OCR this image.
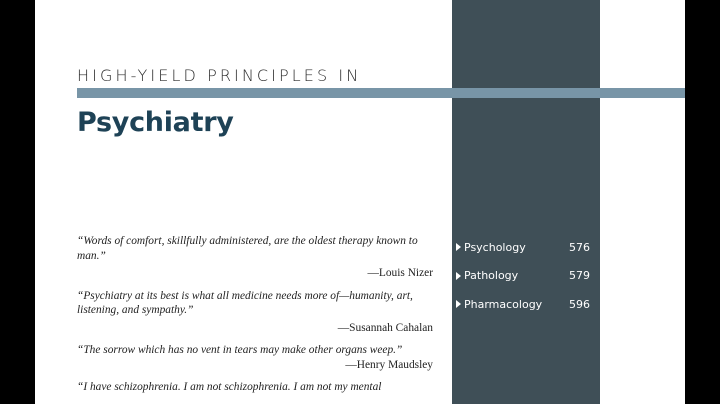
HIGH-YIELD PRINCIPLES IN
Psychiatry
“Words of comfort, skillfully administered, are the oldest therapy known to man.”
—Louis Nizer
“Psychiatry at its best is what all medicine needs more of—humanity, art, listening, and sympathy.”
—Susannah Cahalan
“The sorrow which has no vent in tears may make other organs weep.”
—Henry Maudsley
“I have schizophrenia. I am not schizophrenia. I am not my mental
Psychology	576
Pathology	579
Pharmacology	596
